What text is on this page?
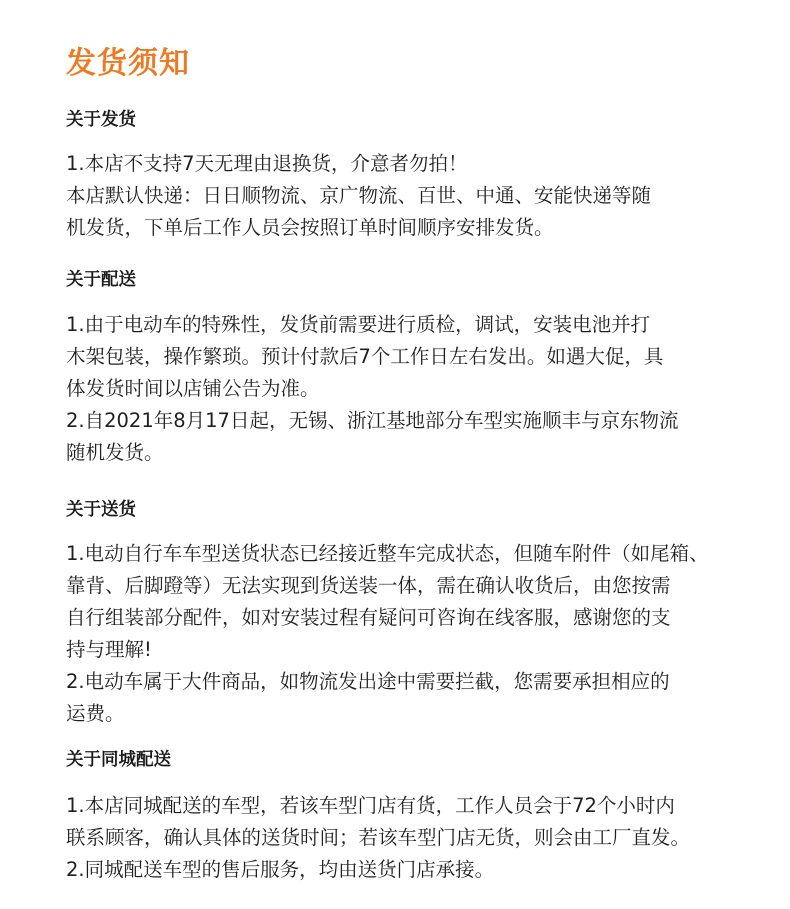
发货须知
关于发货
1.本店不支持7天无理由退换货，介意者勿拍！
本店默认快递：日日顺物流、京广物流、百世、中通、安能快递等随
机发货，下单后工作人员会按照订单时间顺序安排发货。
关于配送
1.由于电动车的特殊性，发货前需要进行质检，调试，安装电池并打
木架包装，操作繁琐。预计付款后7个工作日左右发出。如遇大促，具
体发货时间以店铺公告为准。
2.自2021年8月17日起，无锡、浙江基地部分车型实施顺丰与京东物流
随机发货。
关于送货
1.电动自行车车型送货状态已经接近整车完成状态，但随车附件（如尾箱、
靠背、后脚蹬等）无法实现到货送装一体，需在确认收货后，由您按需
自行组装部分配件，如对安装过程有疑问可咨询在线客服，感谢您的支
持与理解!
2.电动车属于大件商品，如物流发出途中需要拦截，您需要承担相应的
运费。
关于同城配送
1.本店同城配送的车型，若该车型门店有货，工作人员会于72个小时内
联系顾客，确认具体的送货时间；若该车型门店无货，则会由工厂直发。
2.同城配送车型的售后服务，均由送货门店承接。
